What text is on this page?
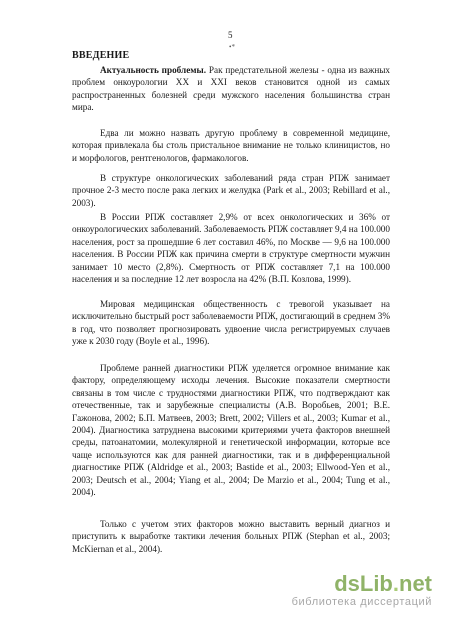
5
•*
ВВЕДЕНИЕ

Актуальность проблемы. Рак предстательной железы - одна из важных проблем онкоурологии XX и XXI веков становится одной из самых распространенных болезней среди мужского населения большинства стран мира.

Едва ли можно назвать другую проблему в современной медицине, которая привлекала бы столь пристальное внимание не только клиницистов, но и морфологов, рентгенологов, фармакологов.

В структуре онкологических заболеваний ряда стран РПЖ занимает прочное 2-3 место после рака легких и желудка (Park et al., 2003; Rebillard et al., 2003).

В России РПЖ составляет 2,9% от всех онкологических и 36% от онкоурологических заболеваний. Заболеваемость РПЖ составляет 9,4 на 100.000 населения, рост за прошедшие 6 лет составил 46%, по Москве — 9,6 на 100.000 населения. В России РПЖ как причина смерти в структуре смертности мужчин занимает 10 место (2,8%). Смертность от РПЖ составляет 7,1 на 100.000 населения и за последние 12 лет возросла на 42% (В.П. Козлова, 1999).

Мировая медицинская общественность с тревогой указывает на исключительно быстрый рост заболеваемости РПЖ, достигающий в среднем 3% в год, что позволяет прогнозировать удвоение числа регистрируемых случаев уже к 2030 году (Boyle et al., 1996).

Проблеме ранней диагностики РПЖ уделяется огромное внимание как фактору, определяющему исходы лечения. Высокие показатели смертности связаны в том числе с трудностями диагностики РПЖ, что подтверждают как отечественные, так и зарубежные специалисты (А.В. Воробьев, 2001; В.Е. Гажонова, 2002; Б.П. Матвеев, 2003; Brett, 2002; Villers et al., 2003; Kumar et al., 2004). Диагностика затруднена высокими критериями учета факторов внешней среды, патоанатомии, молекулярной и генетической информации, которые все чаще используются как для ранней диагностики, так и в дифференциальной диагностике РПЖ (Aldridge et al., 2003; Bastide et al., 2003; Ellwood-Yen et al., 2003; Deutsch et al., 2004; Yiang et al., 2004; De Marzio et al., 2004; Tung et al., 2004).

Только с учетом этих факторов можно выставить верный диагноз и приступить к выработке тактики лечения больных РПЖ (Stephan et al., 2003; McKiernan et al., 2004).

dsLib.net
библиотека диссертаций
